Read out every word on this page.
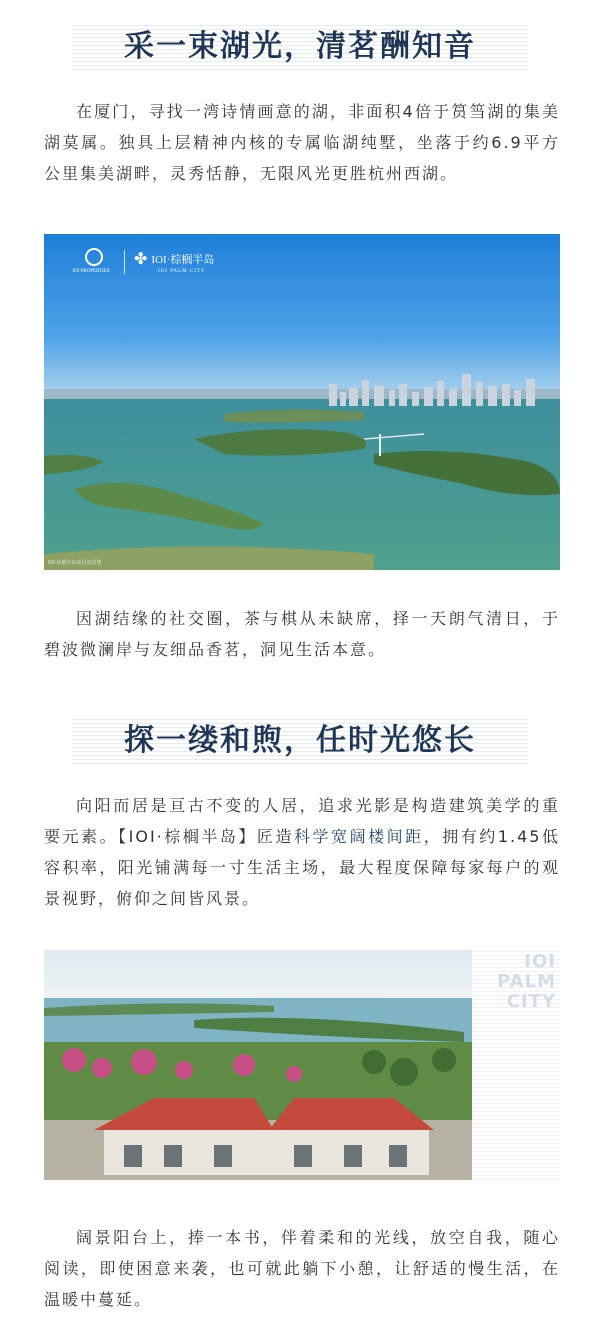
采一束湖光，清茗酬知音

在厦门，寻找一湾诗情画意的湖，非面积4倍于筼筜湖的集美湖莫属。独具上层精神内核的专属临湖纯墅，坐落于约6.9平方公里集美湖畔，灵秀恬静，无限风光更胜杭州西湖。

IOI PROPERTIES
✤ IOI·棕榈半岛
IOI PALM CITY
IOI·棕榈半岛项目实景图

因湖结缘的社交圈，茶与棋从未缺席，择一天朗气清日，于碧波微澜岸与友细品香茗，洞见生活本意。

探一缕和煦，任时光悠长

向阳而居是亘古不变的人居，追求光影是构造建筑美学的重要元素。【IOI·棕榈半岛】匠造科学宽阔楼间距，拥有约1.45低容积率，阳光铺满每一寸生活主场，最大程度保障每家每户的观景视野，俯仰之间皆风景。

IOI
PALM
CITY

阔景阳台上，捧一本书，伴着柔和的光线，放空自我，随心阅读，即使困意来袭，也可就此躺下小憩，让舒适的慢生活，在温暖中蔓延。
